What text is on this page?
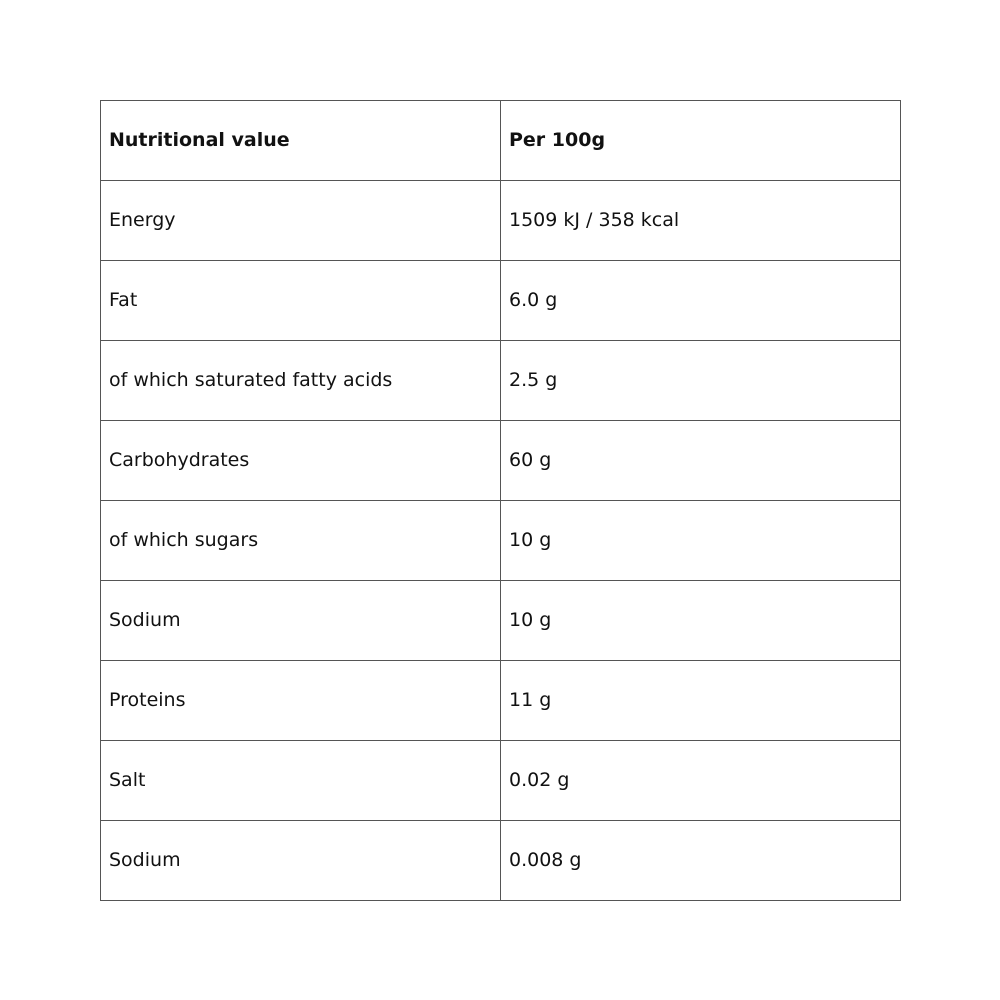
Nutritional value	Per 100g
Energy	1509 kJ / 358 kcal
Fat	6.0 g
of which saturated fatty acids	2.5 g
Carbohydrates	60 g
of which sugars	10 g
Sodium	10 g
Proteins	11 g
Salt	0.02 g
Sodium	0.008 g
